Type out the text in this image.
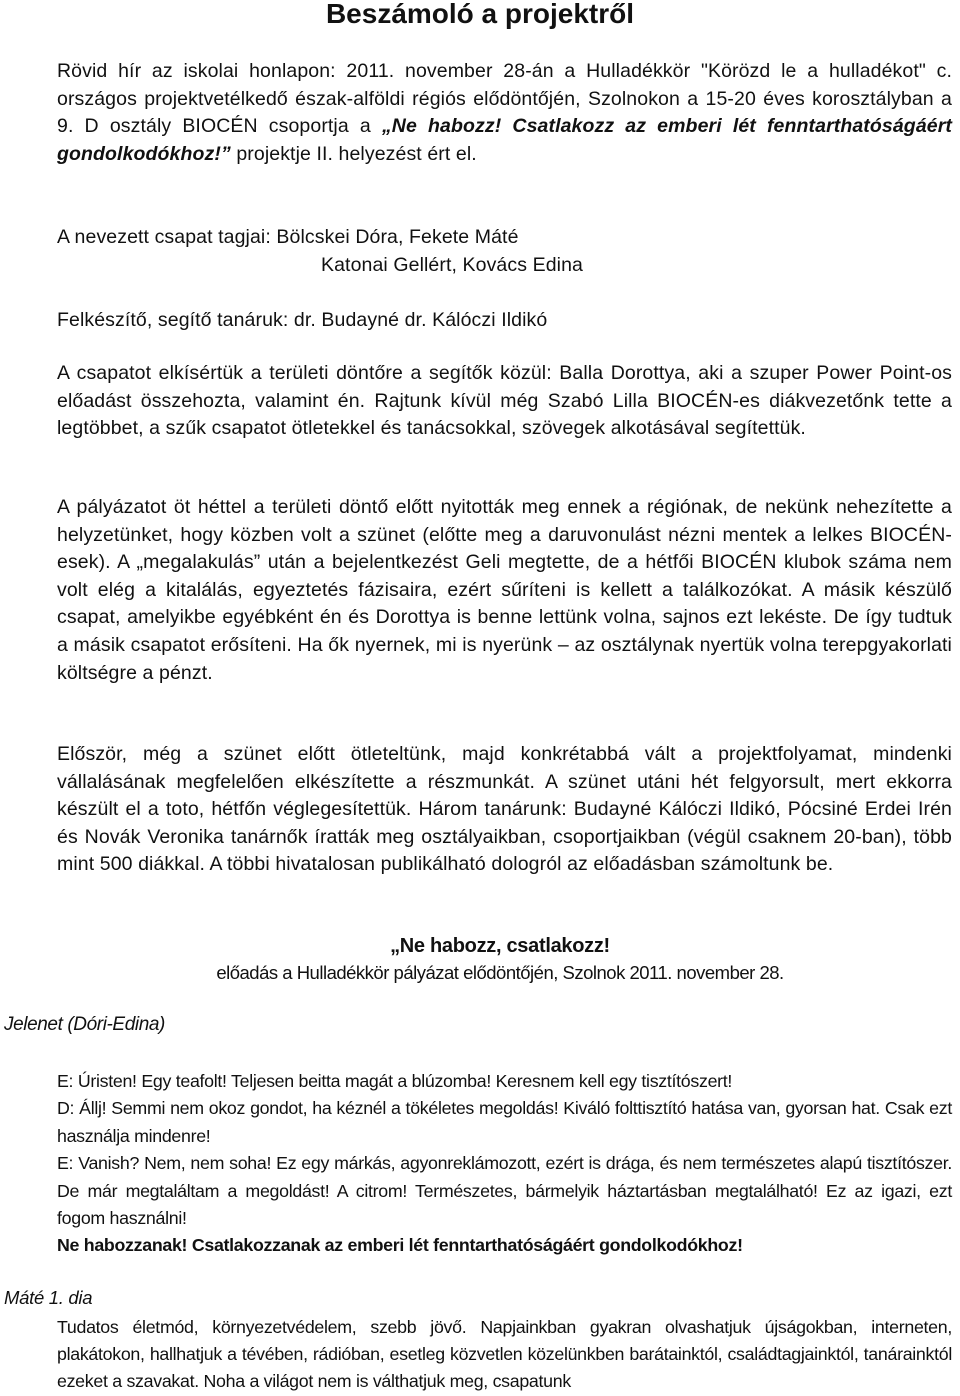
Beszámoló a projektről

Rövid hír az iskolai honlapon: 2011. november 28-án a Hulladékkör "Körözd le a hulladékot" c. országos projektvetélkedő észak-alföldi régiós elődöntőjén, Szolnokon a 15-20 éves korosztályban a 9. D osztály BIOCÉN csoportja a „Ne habozz! Csatlakozz az emberi lét fenntarthatóságáért gondolkodókhoz!” projektje II. helyezést ért el.

A nevezett csapat tagjai: Bölcskei Dóra, Fekete Máté
Katonai Gellért, Kovács Edina

Felkészítő, segítő tanáruk: dr. Budayné dr. Kálóczi Ildikó

A csapatot elkísértük a területi döntőre a segítők közül: Balla Dorottya, aki a szuper Power Point-os előadást összehozta, valamint én. Rajtunk kívül még Szabó Lilla BIOCÉN-es diákvezetőnk tette a legtöbbet, a szűk csapatot ötletekkel és tanácsokkal, szövegek alkotásával segítettük.

A pályázatot öt héttel a területi döntő előtt nyitották meg ennek a régiónak, de nekünk nehezítette a helyzetünket, hogy közben volt a szünet (előtte meg a daruvonulást nézni mentek a lelkes BIOCÉN-esek). A „megalakulás” után a bejelentkezést Geli megtette, de a hétfői BIOCÉN klubok száma nem volt elég a kitalálás, egyeztetés fázisaira, ezért sűríteni is kellett a találkozókat. A másik készülő csapat, amelyikbe egyébként én és Dorottya is benne lettünk volna, sajnos ezt lekéste. De így tudtuk a másik csapatot erősíteni. Ha ők nyernek, mi is nyerünk – az osztálynak nyertük volna terepgyakorlati költségre a pénzt.

Először, még a szünet előtt ötleteltünk, majd konkrétabbá vált a projektfolyamat, mindenki vállalásának megfelelően elkészítette a részmunkát. A szünet utáni hét felgyorsult, mert ekkorra készült el a toto, hétfőn véglegesítettük. Három tanárunk: Budayné Kálóczi Ildikó, Pócsiné Erdei Irén és Novák Veronika tanárnők íratták meg osztályaikban, csoportjaikban (végül csaknem 20-ban), több mint 500 diákkal. A többi hivatalosan publikálható dologról az előadásban számoltunk be.

„Ne habozz, csatlakozz!

előadás a Hulladékkör pályázat elődöntőjén, Szolnok 2011. november 28.

Jelenet (Dóri-Edina)

E: Úristen! Egy teafolt! Teljesen beitta magát a blúzomba! Keresnem kell egy tisztítószert!
D: Állj! Semmi nem okoz gondot, ha kéznél a tökéletes megoldás! Kiváló folttisztító hatása van, gyorsan hat. Csak ezt használja mindenre!
E: Vanish? Nem, nem soha! Ez egy márkás, agyonreklámozott, ezért is drága, és nem természetes alapú tisztítószer. De már megtaláltam a megoldást! A citrom! Természetes, bármelyik háztartásban megtalálható! Ez az igazi, ezt fogom használni!
Ne habozzanak! Csatlakozzanak az emberi lét fenntarthatóságáért gondolkodókhoz!

Máté 1. dia

Tudatos életmód, környezetvédelem, szebb jövő. Napjainkban gyakran olvashatjuk újságokban, interneten, plakátokon, hallhatjuk a tévében, rádióban, esetleg közvetlen közelünkben barátainktól, családtagjainktól, tanárainktól ezeket a szavakat. Noha a világot nem is válthatjuk meg, csapatunk
